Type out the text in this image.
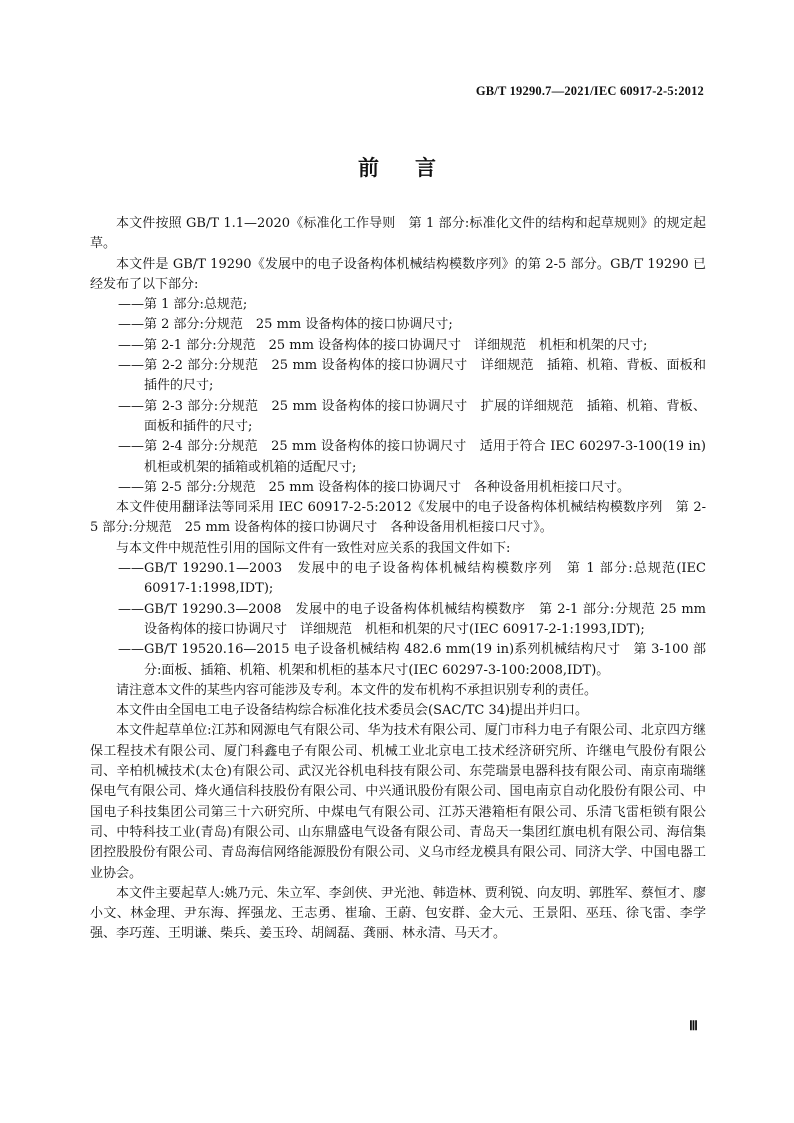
GB/T 19290.7—2021/IEC 60917-2-5:2012
前言

本文件按照 GB/T 1.1—2020《标准化工作导则　第 1 部分:标准化文件的结构和起草规则》的规定起草。

本文件是 GB/T 19290《发展中的电子设备构体机械结构模数序列》的第 2-5 部分。GB/T 19290 已经发布了以下部分:

——第 1 部分:总规范;

——第 2 部分:分规范　25 mm 设备构体的接口协调尺寸;

——第 2-1 部分:分规范　25 mm 设备构体的接口协调尺寸　详细规范　机柜和机架的尺寸;

——第 2-2 部分:分规范　25 mm 设备构体的接口协调尺寸　详细规范　插箱、机箱、背板、面板和插件的尺寸;

——第 2-3 部分:分规范　25 mm 设备构体的接口协调尺寸　扩展的详细规范　插箱、机箱、背板、面板和插件的尺寸;

——第 2-4 部分:分规范　25 mm 设备构体的接口协调尺寸　适用于符合 IEC 60297-3-100(19 in)机柜或机架的插箱或机箱的适配尺寸;

——第 2-5 部分:分规范　25 mm 设备构体的接口协调尺寸　各种设备用机柜接口尺寸。

本文件使用翻译法等同采用 IEC 60917-2-5:2012《发展中的电子设备构体机械结构模数序列　第 2-5 部分:分规范　25 mm 设备构体的接口协调尺寸　各种设备用机柜接口尺寸》。

与本文件中规范性引用的国际文件有一致性对应关系的我国文件如下:

——GB/T 19290.1—2003　发展中的电子设备构体机械结构模数序列　第 1 部分:总规范(IEC 60917-1:1998,IDT);

——GB/T 19290.3—2008　发展中的电子设备构体机械结构模数序　第 2-1 部分:分规范 25 mm 设备构体的接口协调尺寸　详细规范　机柜和机架的尺寸(IEC 60917-2-1:1993,IDT);

——GB/T 19520.16—2015 电子设备机械结构 482.6 mm(19 in)系列机械结构尺寸　第 3-100 部分:面板、插箱、机箱、机架和机柜的基本尺寸(IEC 60297-3-100:2008,IDT)。

请注意本文件的某些内容可能涉及专利。本文件的发布机构不承担识别专利的责任。

本文件由全国电工电子设备结构综合标准化技术委员会(SAC/TC 34)提出并归口。

本文件起草单位:江苏和网源电气有限公司、华为技术有限公司、厦门市科力电子有限公司、北京四方继保工程技术有限公司、厦门科鑫电子有限公司、机械工业北京电工技术经济研究所、许继电气股份有限公司、辛柏机械技术(太仓)有限公司、武汉光谷机电科技有限公司、东莞瑞景电器科技有限公司、南京南瑞继保电气有限公司、烽火通信科技股份有限公司、中兴通讯股份有限公司、国电南京自动化股份有限公司、中国电子科技集团公司第三十六研究所、中煤电气有限公司、江苏天港箱柜有限公司、乐清飞雷柜锁有限公司、中特科技工业(青岛)有限公司、山东鼎盛电气设备有限公司、青岛天一集团红旗电机有限公司、海信集团控股股份有限公司、青岛海信网络能源股份有限公司、义乌市经龙模具有限公司、同济大学、中国电器工业协会。

本文件主要起草人:姚乃元、朱立军、李剑侠、尹光池、韩造林、贾利锐、向友明、郭胜军、蔡恒才、廖小文、林金理、尹东海、挥强龙、王志勇、崔瑜、王蔚、包安群、金大元、王景阳、巫珏、徐飞雷、李学强、李巧莲、王明谦、柴兵、姜玉玲、胡阔磊、龚丽、林永清、马天才。

Ⅲ
